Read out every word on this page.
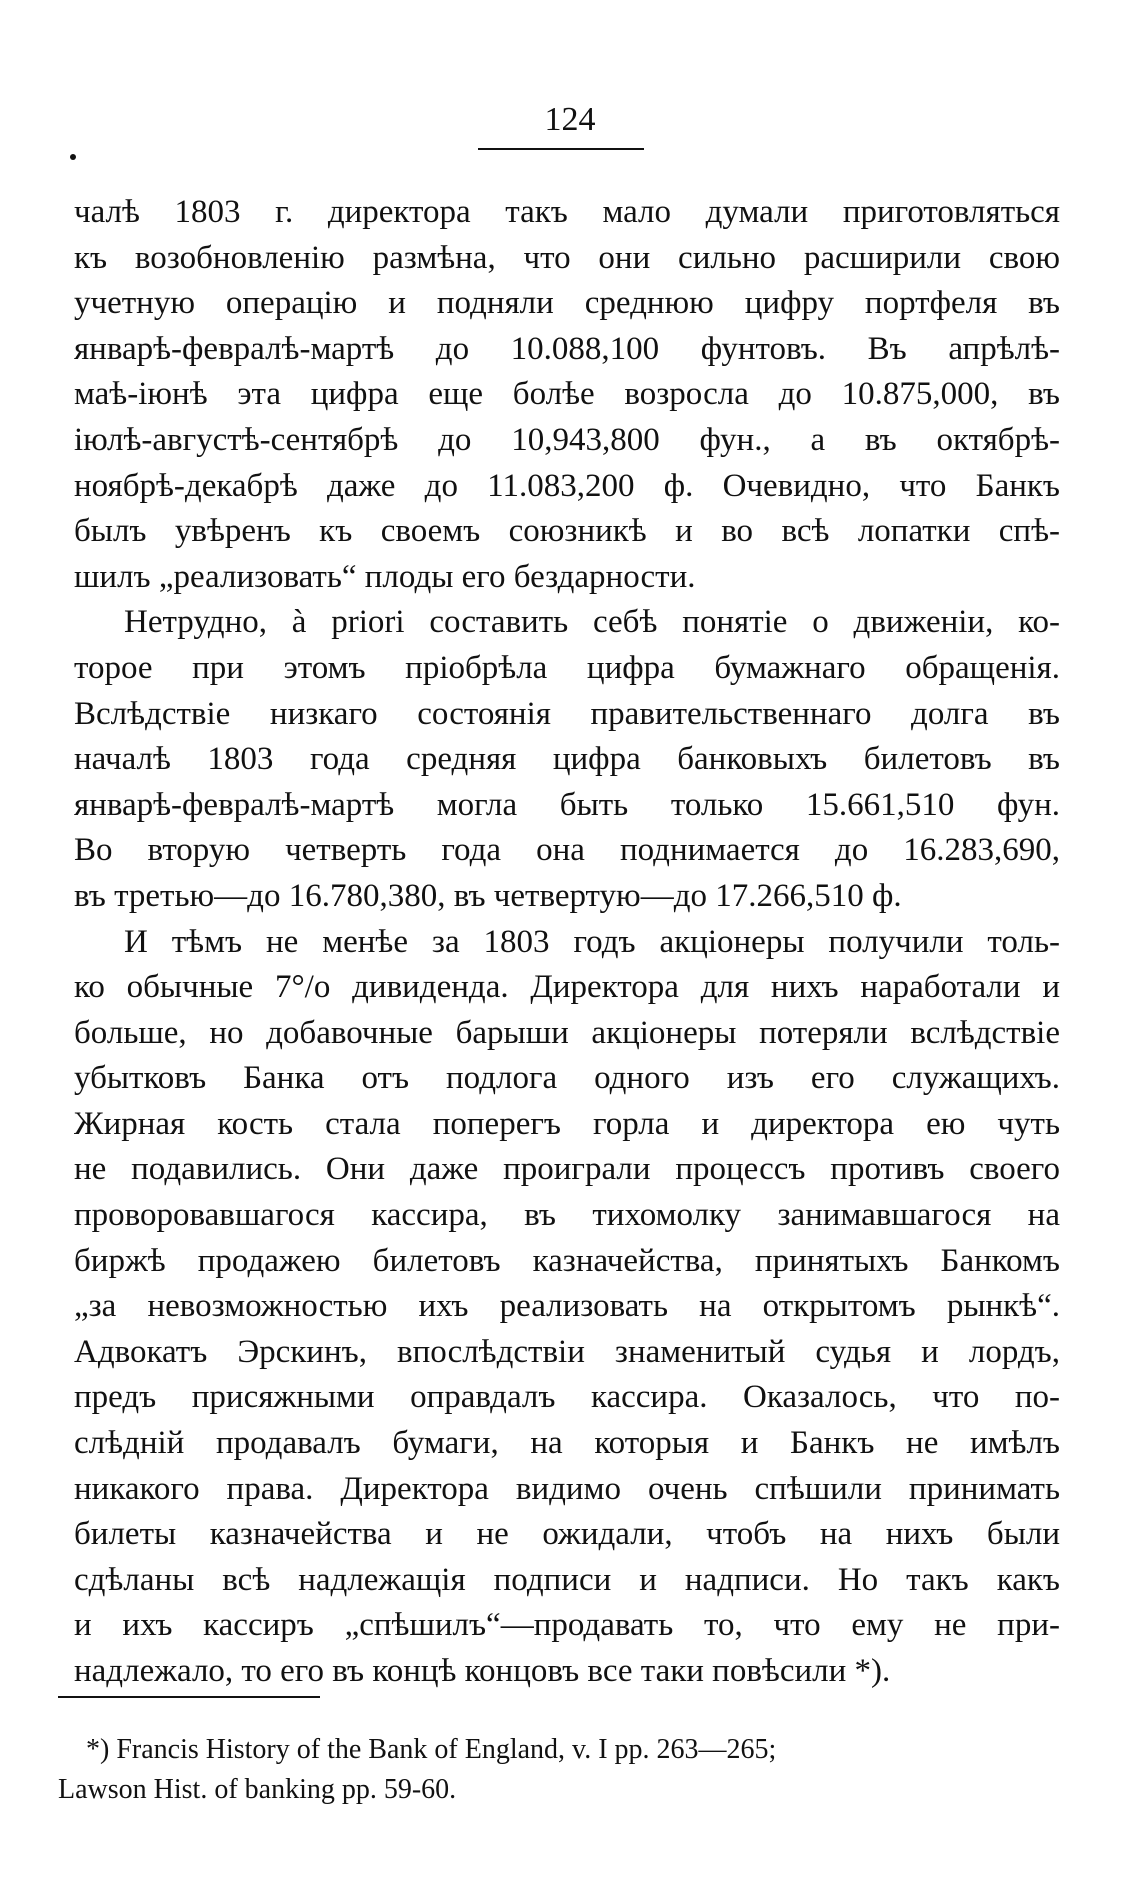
124
чалѣ 1803 г. директора такъ мало думали приготовляться
къ возобновленію размѣна, что они сильно расширили свою
учетную операцію и подняли среднюю цифру портфеля въ
январѣ-февралѣ-мартѣ до 10.088,100 фунтовъ. Въ апрѣлѣ-
маѣ-іюнѣ эта цифра еще болѣе возросла до 10.875,000, въ
іюлѣ-августѣ-сентябрѣ до 10,943,800 фун., а въ октябрѣ-
ноябрѣ-декабрѣ даже до 11.083,200 ф. Очевидно, что Банкъ
былъ увѣренъ къ своемъ союзникѣ и во всѣ лопатки спѣ-
шилъ „реализовать“ плоды его бездарности.
Нетрудно, à priori составить себѣ понятіе о движеніи, ко-
торое при этомъ пріобрѣла цифра бумажнаго обращенія.
Вслѣдствіе низкаго состоянія правительственнаго долга въ
началѣ 1803 года средняя цифра банковыхъ билетовъ въ
январѣ-февралѣ-мартѣ могла быть только 15.661,510 фун.
Во вторую четверть года она поднимается до 16.283,690,
въ третью—до 16.780,380, въ четвертую—до 17.266,510 ф.
И тѣмъ не менѣе за 1803 годъ акціонеры получили толь-
ко обычные 7°/o дивиденда. Директора для нихъ наработали и
больше, но добавочные барыши акціонеры потеряли вслѣдствіе
убытковъ Банка отъ подлога одного изъ его служащихъ.
Жирная кость стала поперегъ горла и директора ею чуть
не подавились. Они даже проиграли процессъ противъ своего
проворовавшагося кассира, въ тихомолку занимавшагося на
биржѣ продажею билетовъ казначейства, принятыхъ Банкомъ
„за невозможностью ихъ реализовать на открытомъ рынкѣ“.
Адвокатъ Эрскинъ, впослѣдствіи знаменитый судья и лордъ,
предъ присяжными оправдалъ кассира. Оказалось, что по-
слѣдній продавалъ бумаги, на которыя и Банкъ не имѣлъ
никакого права. Директора видимо очень спѣшили принимать
билеты казначейства и не ожидали, чтобъ на нихъ были
сдѣланы всѣ надлежащія подписи и надписи. Но такъ какъ
и ихъ кассиръ „спѣшилъ“—продавать то, что ему не при-
надлежало, то его въ концѣ концовъ все таки повѣсили *).
*) Francis History of the Bank of England, v. I pp. 263—265;
Lawson Hist. of banking pp. 59-60.
